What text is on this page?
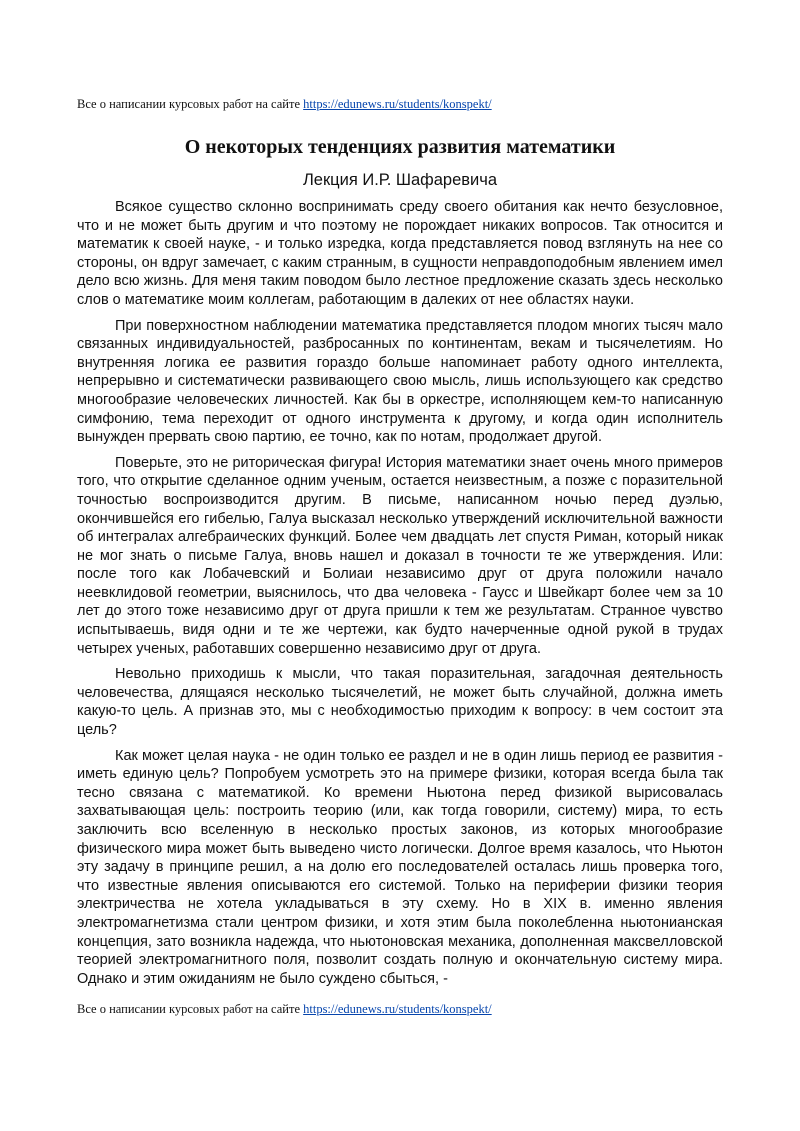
Все о написании курсовых работ на сайте https://edunews.ru/students/konspekt/
О некоторых тенденциях развития математики
Лекция И.Р. Шафаревича

Всякое существо склонно воспринимать среду своего обитания как нечто безусловное, что и не может быть другим и что поэтому не порождает никаких вопросов. Так относится и математик к своей науке, - и только изредка, когда представляется повод взглянуть на нее со стороны, он вдруг замечает, с каким странным, в сущности неправдоподобным явлением имел дело всю жизнь. Для меня таким поводом было лестное предложение сказать здесь несколько слов о математике моим коллегам, работающим в далеких от нее областях науки.

При поверхностном наблюдении математика представляется плодом многих тысяч мало связанных индивидуальностей, разбросанных по континентам, векам и тысячелетиям. Но внутренняя логика ее развития гораздо больше напоминает работу одного интеллекта, непрерывно и систематически развивающего свою мысль, лишь использующего как средство многообразие человеческих личностей. Как бы в оркестре, исполняющем кем-то написанную симфонию, тема переходит от одного инструмента к другому, и когда один исполнитель вынужден прервать свою партию, ее точно, как по нотам, продолжает другой.

Поверьте, это не риторическая фигура! История математики знает очень много примеров того, что открытие сделанное одним ученым, остается неизвестным, а позже с поразительной точностью воспроизводится другим. В письме, написанном ночью перед дуэлью, окончившейся его гибелью, Галуа высказал несколько утверждений исключительной важности об интегралах алгебраических функций. Более чем двадцать лет спустя Риман, который никак не мог знать о письме Галуа, вновь нашел и доказал в точности те же утверждения. Или: после того как Лобачевский и Болиаи независимо друг от друга положили начало неевклидовой геометрии, выяснилось, что два человека - Гаусс и Швейкарт более чем за 10 лет до этого тоже независимо друг от друга пришли к тем же результатам. Странное чувство испытываешь, видя одни и те же чертежи, как будто начерченные одной рукой в трудах четырех ученых, работавших совершенно независимо друг от друга.

Невольно приходишь к мысли, что такая поразительная, загадочная деятельность человечества, длящаяся несколько тысячелетий, не может быть случайной, должна иметь какую-то цель. А признав это, мы с необходимостью приходим к вопросу: в чем состоит эта цель?

Как может целая наука - не один только ее раздел и не в один лишь период ее развития - иметь единую цель? Попробуем усмотреть это на примере физики, которая всегда была так тесно связана с математикой. Ко времени Ньютона перед физикой вырисовалась захватывающая цель: построить теорию (или, как тогда говорили, систему) мира, то есть заключить всю вселенную в несколько простых законов, из которых многообразие физического мира может быть выведено чисто логически. Долгое время казалось, что Ньютон эту задачу в принципе решил, а на долю его последователей осталась лишь проверка того, что известные явления описываются его системой. Только на периферии физики теория электричества не хотела укладываться в эту схему. Но в XIX в. именно явления электромагнетизма стали центром физики, и хотя этим была поколебленна ньютонианская концепция, зато возникла надежда, что ньютоновская механика, дополненная максвелловской теорией электромагнитного поля, позволит создать полную и окончательную систему мира. Однако и этим ожиданиям не было суждено сбыться, -

Все о написании курсовых работ на сайте https://edunews.ru/students/konspekt/
